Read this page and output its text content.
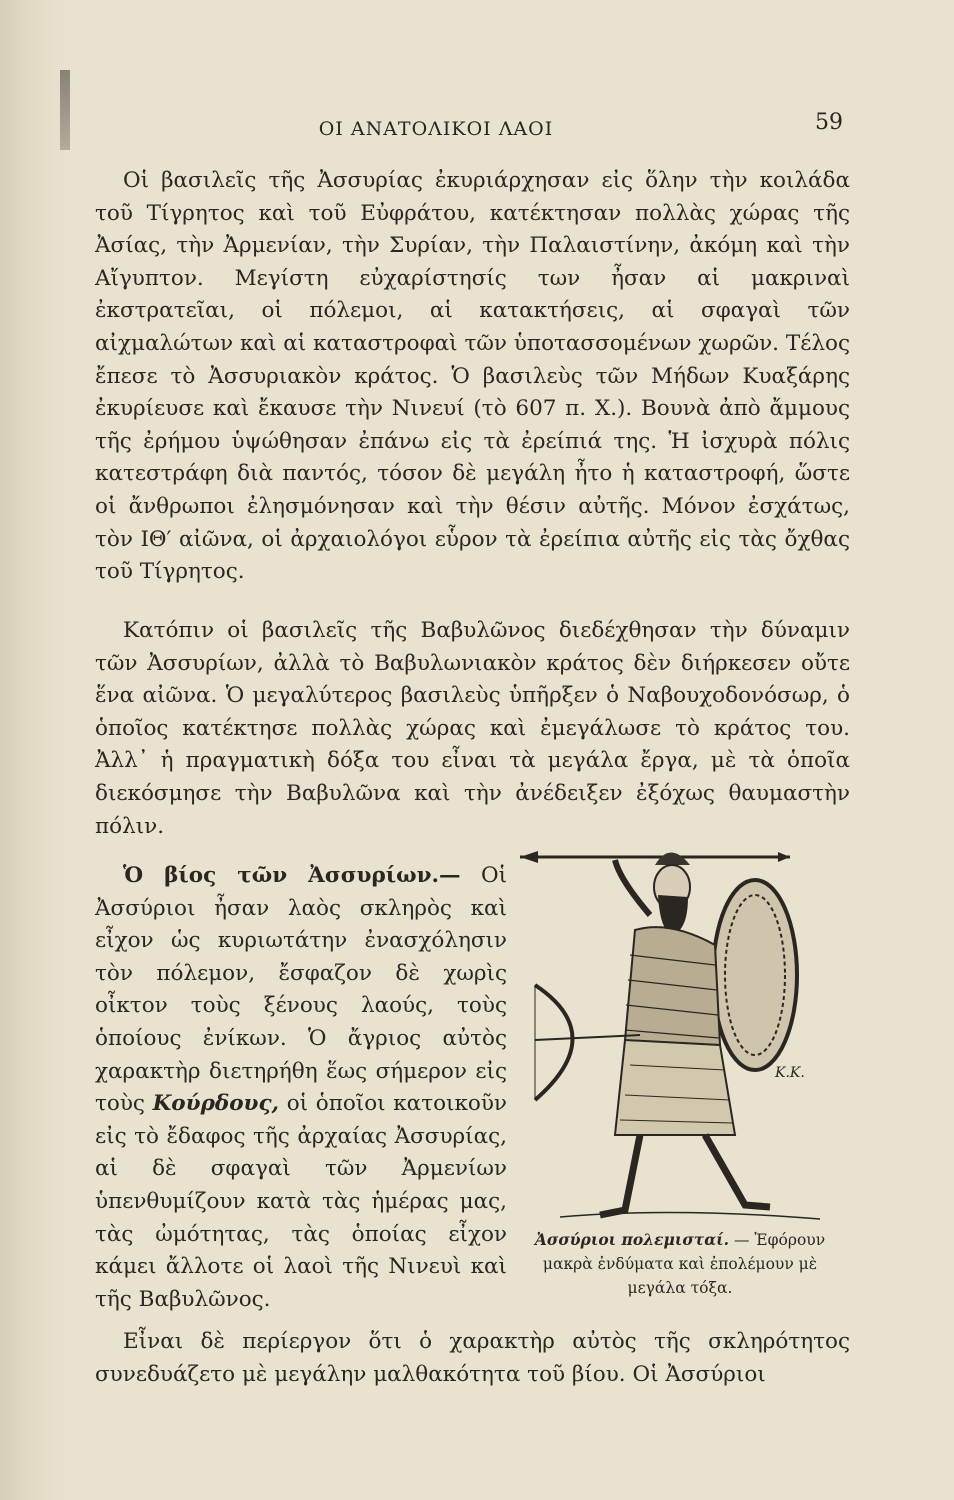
ΟΙ ΑΝΑΤΟΛΙΚΟΙ ΛΑΟΙ	59
Οἱ βασιλεῖς τῆς Ἀσσυρίας ἐκυριάρχησαν εἰς ὅλην τὴν κοιλάδα τοῦ Τίγρητος καὶ τοῦ Εὐφράτου, κατέκτησαν πολλὰς χώρας τῆς Ἀσίας, τὴν Ἀρμενίαν, τὴν Συρίαν, τὴν Παλαιστίνην, ἀκόμη καὶ τὴν Αἴγυπτον. Μεγίστη εὐχαρίστησίς των ἦσαν αἱ μακριναὶ ἐκστρατεῖαι, οἱ πόλεμοι, αἱ κατακτήσεις, αἱ σφαγαὶ τῶν αἰχμαλώτων καὶ αἱ καταστροφαὶ τῶν ὑποτασσομένων χωρῶν. Τέλος ἔπεσε τὸ Ἀσσυριακὸν κράτος. Ὁ βασιλεὺς τῶν Μήδων Κυαξάρης ἐκυρίευσε καὶ ἔκαυσε τὴν Νινευί (τὸ 607 π. Χ.). Βουνὰ ἀπὸ ἄμμους τῆς ἐρήμου ὑψώθησαν ἐπάνω εἰς τὰ ἐρείπιά της. Ἡ ἰσχυρὰ πόλις κατεστράφη διὰ παντός, τόσον δὲ μεγάλη ἦτο ἡ καταστροφή, ὥστε οἱ ἄνθρωποι ἐλησμόνησαν καὶ τὴν θέσιν αὐτῆς. Μόνον ἐσχάτως, τὸν ΙΘ′ αἰῶνα, οἱ ἀρχαιολόγοι εὗρον τὰ ἐρείπια αὐτῆς εἰς τὰς ὄχθας τοῦ Τίγρητος.
Κατόπιν οἱ βασιλεῖς τῆς Βαβυλῶνος διεδέχθησαν τὴν δύναμιν τῶν Ἀσσυρίων, ἀλλὰ τὸ Βαβυλωνιακὸν κράτος δὲν διήρκεσεν οὔτε ἕνα αἰῶνα. Ὁ μεγαλύτερος βασιλεὺς ὑπῆρξεν ὁ Ναβουχοδονόσωρ, ὁ ὁποῖος κατέκτησε πολλὰς χώρας καὶ ἐμεγάλωσε τὸ κράτος του. Ἀλλ᾽ ἡ πραγματικὴ δόξα του εἶναι τὰ μεγάλα ἔργα, μὲ τὰ ὁποῖα διεκόσμησε τὴν Βαβυλῶνα καὶ τὴν ἀνέδειξεν ἐξόχως θαυμαστὴν πόλιν.
Ὁ βίος τῶν Ἀσσυρίων.— Οἱ Ἀσσύριοι ἦσαν λαὸς σκληρὸς καὶ εἶχον ὡς κυριωτάτην ἐνασχόλησιν τὸν πόλεμον, ἔσφαζον δὲ χωρὶς οἶκτον τοὺς ξένους λαούς, τοὺς ὁποίους ἐνίκων. Ὁ ἄγριος αὐτὸς χαρακτὴρ διετηρήθη ἕως σήμερον εἰς τοὺς Κούρδους, οἱ ὁποῖοι κατοικοῦν εἰς τὸ ἔδαφος τῆς ἀρχαίας Ἀσσυρίας, αἱ δὲ σφαγαὶ τῶν Ἀρμενίων ὑπενθυμίζουν κατὰ τὰς ἡμέρας μας, τὰς ὠμότητας, τὰς ὁποίας εἶχον κάμει ἄλλοτε οἱ λαοὶ τῆς Νινευὶ καὶ τῆς Βαβυλῶνος.
Εἶναι δὲ περίεργον ὅτι ὁ χαρακτὴρ αὐτὸς τῆς σκληρότητος συνεδυάζετο μὲ μεγάλην μαλθακότητα τοῦ βίου. Οἱ Ἀσσύριοι
K.K.
Ἀσσύριοι πολεμισταί. — Ἐφόρουν μακρὰ ἐνδύματα καὶ ἐπολέμουν μὲ μεγάλα τόξα.
